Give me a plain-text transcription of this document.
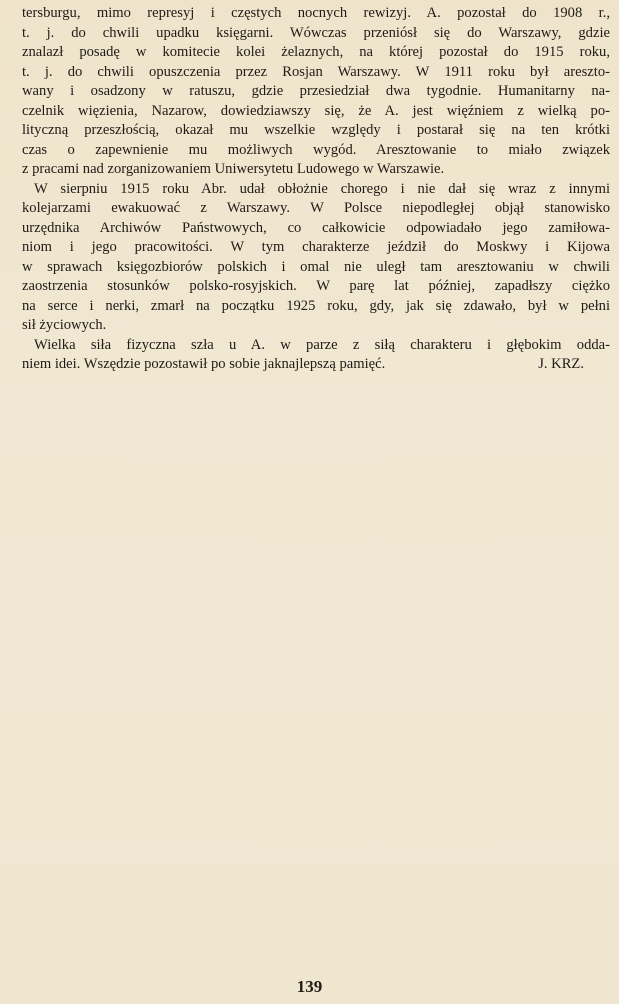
tersburgu, mimo represyj i częstych nocnych rewizyj. A. pozostał do 1908 r.,
t. j. do chwili upadku księgarni. Wówczas przeniósł się do Warszawy, gdzie
znalazł posadę w komitecie kolei żelaznych, na której pozostał do 1915 roku,
t. j. do chwili opuszczenia przez Rosjan Warszawy. W 1911 roku był areszto-
wany i osadzony w ratuszu, gdzie przesiedział dwa tygodnie. Humanitarny na-
czelnik więzienia, Nazarow, dowiedziawszy się, że A. jest więźniem z wielką po-
lityczną przeszłością, okazał mu wszelkie względy i postarał się na ten krótki
czas o zapewnienie mu możliwych wygód. Aresztowanie to miało związek
z pracami nad zorganizowaniem Uniwersytetu Ludowego w Warszawie.
W sierpniu 1915 roku Abr. udał obłożnie chorego i nie dał się wraz z innymi
kolejarzami ewakuować z Warszawy. W Polsce niepodległej objął stanowisko
urzędnika Archiwów Państwowych, co całkowicie odpowiadało jego zamiłowa-
niom i jego pracowitości. W tym charakterze jeździł do Moskwy i Kijowa
w sprawach księgozbiorów polskich i omal nie uległ tam aresztowaniu w chwili
zaostrzenia stosunków polsko-rosyjskich. W parę lat później, zapadłszy ciężko
na serce i nerki, zmarł na początku 1925 roku, gdy, jak się zdawało, był w pełni
sił życiowych.
Wielka siła fizyczna szła u A. w parze z siłą charakteru i głębokim odda-
niem idei. Wszędzie pozostawił po sobie jaknajlepszą pamięć.	J. KRZ.
139
